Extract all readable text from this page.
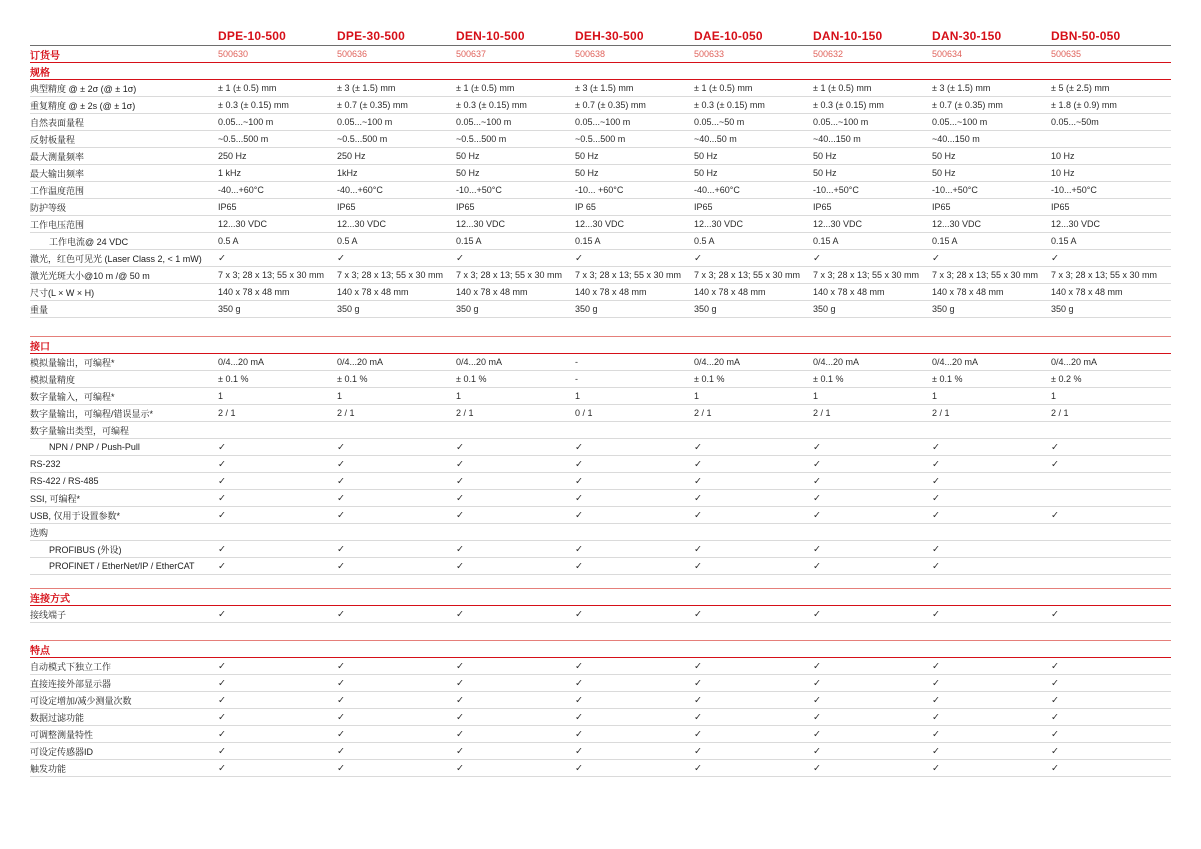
DPE-10-500	DPE-30-500	DEN-10-500	DEH-30-500	DAE-10-050	DAN-10-150	DAN-30-150	DBN-50-050
订货号	500630	500636	500637	500638	500633	500632	500634	500635
规格
典型精度 @ ± 2σ (@ ± 1σ)	± 1 (± 0.5) mm	± 3 (± 1.5) mm	± 1 (± 0.5) mm	± 3 (± 1.5) mm	± 1 (± 0.5) mm	± 1 (± 0.5) mm	± 3 (± 1.5) mm	± 5 (± 2.5) mm
重复精度 @ ± 2s (@ ± 1σ)	± 0.3 (± 0.15) mm	± 0.7 (± 0.35) mm	± 0.3 (± 0.15) mm	± 0.7 (± 0.35) mm	± 0.3 (± 0.15) mm	± 0.3 (± 0.15) mm	± 0.7 (± 0.35) mm	± 1.8 (± 0.9) mm
自然表面量程	0.05...~100 m	0.05...~100 m	0.05...~100 m	0.05...~100 m	0.05...~50 m	0.05...~100 m	0.05...~100 m	0.05...~50m
反射板量程	~0.5...500 m	~0.5...500 m	~0.5...500 m	~0.5...500 m	~40...50 m	~40...150 m	~40...150 m
最大测量频率	250 Hz	250 Hz	50 Hz	50 Hz	50 Hz	50 Hz	50 Hz	10 Hz
最大输出频率	1 kHz	1kHz	50 Hz	50 Hz	50 Hz	50 Hz	50 Hz	10 Hz
工作温度范围	-40...+60°C	-40...+60°C	-10...+50°C	-10... +60°C	-40...+60°C	-10...+50°C	-10...+50°C	-10...+50°C
防护等级	IP65	IP65	IP65	IP 65	IP65	IP65	IP65	IP65
工作电压范围	12...30 VDC	12...30 VDC	12...30 VDC	12...30 VDC	12...30 VDC	12...30 VDC	12...30 VDC	12...30 VDC
工作电流@ 24 VDC	0.5 A	0.5 A	0.15 A	0.15 A	0.5 A	0.15 A	0.15 A	0.15 A
激光，红色可见光 (Laser Class 2, < 1 mW)	✓	✓	✓	✓	✓	✓	✓	✓
激光光斑大小@10 m /@ 50 m	7 x 3; 28 x 13; 55 x 30 mm	7 x 3; 28 x 13; 55 x 30 mm	7 x 3; 28 x 13; 55 x 30 mm	7 x 3; 28 x 13; 55 x 30 mm	7 x 3; 28 x 13; 55 x 30 mm	7 x 3; 28 x 13; 55 x 30 mm	7 x 3; 28 x 13; 55 x 30 mm	7 x 3; 28 x 13; 55 x 30 mm
尺寸(L × W × H)	140 x 78 x 48 mm	140 x 78 x 48 mm	140 x 78 x 48 mm	140 x 78 x 48 mm	140 x 78 x 48 mm	140 x 78 x 48 mm	140 x 78 x 48 mm	140 x 78 x 48 mm
重量	350 g	350 g	350 g	350 g	350 g	350 g	350 g	350 g
接口
模拟量输出，可编程*	0/4...20 mA	0/4...20 mA	0/4...20 mA	-	0/4...20 mA	0/4...20 mA	0/4...20 mA	0/4...20 mA
模拟量精度	± 0.1 %	± 0.1 %	± 0.1 %	-	± 0.1 %	± 0.1 %	± 0.1 %	± 0.2 %
数字量输入，可编程*	1	1	1	1	1	1	1	1
数字量输出，可编程/错误显示*	2 / 1	2 / 1	2 / 1	0 / 1	2 / 1	2 / 1	2 / 1	2 / 1
数字量输出类型，可编程
NPN / PNP / Push-Pull	✓	✓	✓	✓	✓	✓	✓	✓
RS-232	✓	✓	✓	✓	✓	✓	✓	✓
RS-422 / RS-485	✓	✓	✓	✓	✓	✓	✓
SSI, 可编程*	✓	✓	✓	✓	✓	✓	✓
USB, 仅用于设置参数*	✓	✓	✓	✓	✓	✓	✓	✓
选购
PROFIBUS (外设)	✓	✓	✓	✓	✓	✓	✓
PROFINET / EtherNet/IP / EtherCAT	✓	✓	✓	✓	✓	✓	✓
连接方式
接线端子	✓	✓	✓	✓	✓	✓	✓	✓
特点
自动模式下独立工作	✓	✓	✓	✓	✓	✓	✓	✓
直接连接外部显示器	✓	✓	✓	✓	✓	✓	✓	✓
可设定增加/减少测量次数	✓	✓	✓	✓	✓	✓	✓	✓
数据过滤功能	✓	✓	✓	✓	✓	✓	✓	✓
可调整测量特性	✓	✓	✓	✓	✓	✓	✓	✓
可设定传感器ID	✓	✓	✓	✓	✓	✓	✓	✓
触发功能	✓	✓	✓	✓	✓	✓	✓	✓
